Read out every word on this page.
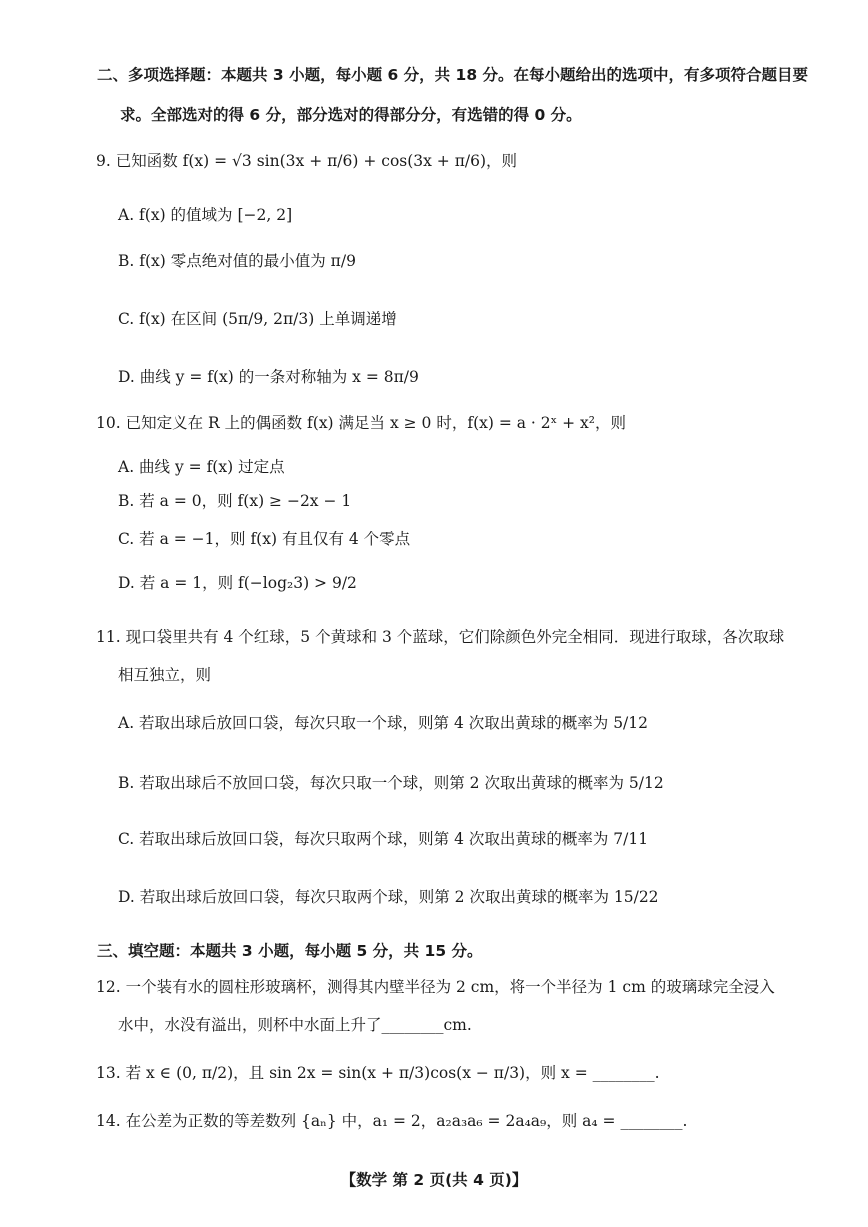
二、多项选择题：本题共 3 小题，每小题 6 分，共 18 分。在每小题给出的选项中，有多项符合题目要
求。全部选对的得 6 分，部分选对的得部分分，有选错的得 0 分。
9. 已知函数 f(x) = √3 sin(3x + π/6) + cos(3x + π/6)，则
A. f(x) 的值域为 [−2, 2]
B. f(x) 零点绝对值的最小值为 π/9
C. f(x) 在区间 (5π/9, 2π/3) 上单调递增
D. 曲线 y = f(x) 的一条对称轴为 x = 8π/9
10. 已知定义在 R 上的偶函数 f(x) 满足当 x ≥ 0 时，f(x) = a · 2ˣ + x²，则
A. 曲线 y = f(x) 过定点
B. 若 a = 0，则 f(x) ≥ −2x − 1
C. 若 a = −1，则 f(x) 有且仅有 4 个零点
D. 若 a = 1，则 f(−log₂3) > 9/2
11. 现口袋里共有 4 个红球，5 个黄球和 3 个蓝球，它们除颜色外完全相同．现进行取球，各次取球
相互独立，则
A. 若取出球后放回口袋，每次只取一个球，则第 4 次取出黄球的概率为 5/12
B. 若取出球后不放回口袋，每次只取一个球，则第 2 次取出黄球的概率为 5/12
C. 若取出球后放回口袋，每次只取两个球，则第 4 次取出黄球的概率为 7/11
D. 若取出球后放回口袋，每次只取两个球，则第 2 次取出黄球的概率为 15/22
三、填空题：本题共 3 小题，每小题 5 分，共 15 分。
12. 一个装有水的圆柱形玻璃杯，测得其内壁半径为 2 cm，将一个半径为 1 cm 的玻璃球完全浸入
水中，水没有溢出，则杯中水面上升了________cm.
13. 若 x ∈ (0, π/2)，且 sin 2x = sin(x + π/3)cos(x − π/3)，则 x = ________.
14. 在公差为正数的等差数列 {aₙ} 中，a₁ = 2，a₂a₃a₆ = 2a₄a₉，则 a₄ = ________.
【数学 第 2 页(共 4 页)】
